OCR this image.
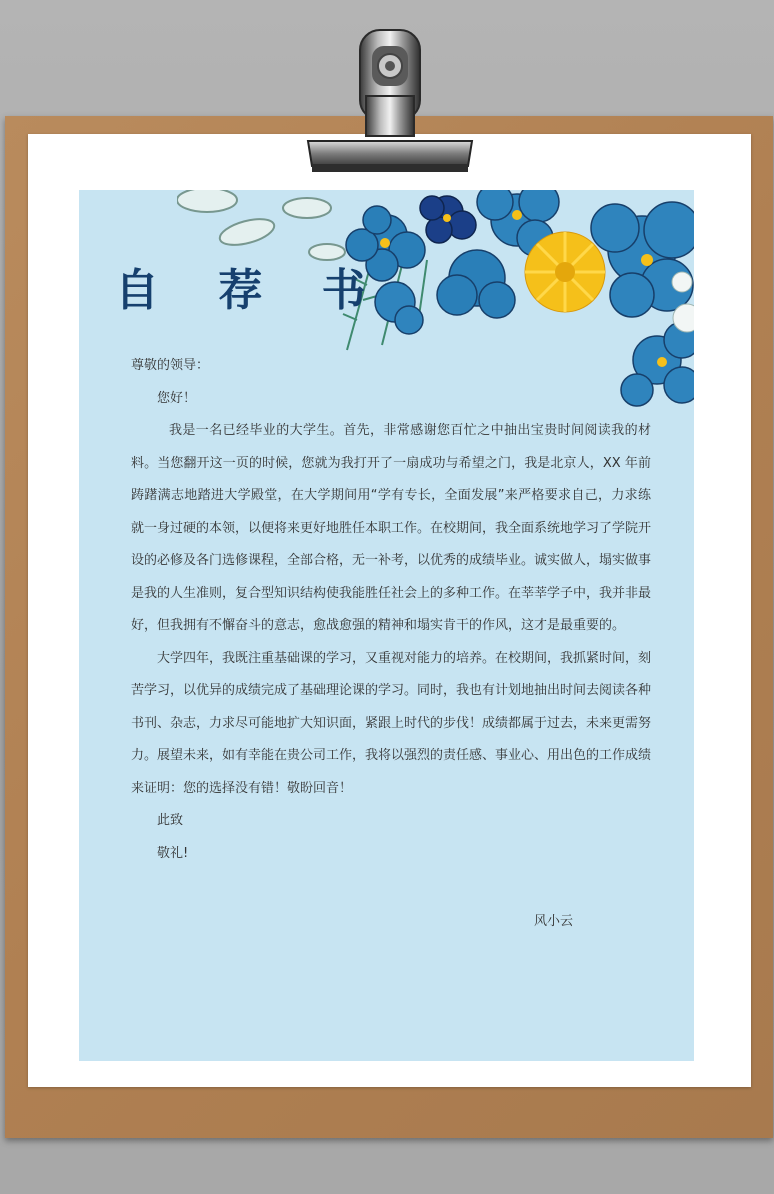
自 荐 书

尊敬的领导：

您好！

我是一名已经毕业的大学生。首先，非常感谢您百忙之中抽出宝贵时间阅读我的材料。当您翻开这一页的时候，您就为我打开了一扇成功与希望之门，我是北京人，XX 年前踌躇满志地踏进大学殿堂，在大学期间用“学有专长，全面发展”来严格要求自己，力求练就一身过硬的本领，以便将来更好地胜任本职工作。在校期间，我全面系统地学习了学院开设的必修及各门选修课程，全部合格，无一补考，以优秀的成绩毕业。诚实做人，塌实做事是我的人生准则，复合型知识结构使我能胜任社会上的多种工作。在莘莘学子中，我并非最好，但我拥有不懈奋斗的意志，愈战愈强的精神和塌实肯干的作风，这才是最重要的。

大学四年，我既注重基础课的学习，又重视对能力的培养。在校期间，我抓紧时间，刻苦学习，以优异的成绩完成了基础理论课的学习。同时，我也有计划地抽出时间去阅读各种书刊、杂志，力求尽可能地扩大知识面，紧跟上时代的步伐！成绩都属于过去，未来更需努力。展望未来，如有幸能在贵公司工作，我将以强烈的责任感、事业心、用出色的工作成绩来证明：您的选择没有错！敬盼回音！

此致

敬礼!

风小云
